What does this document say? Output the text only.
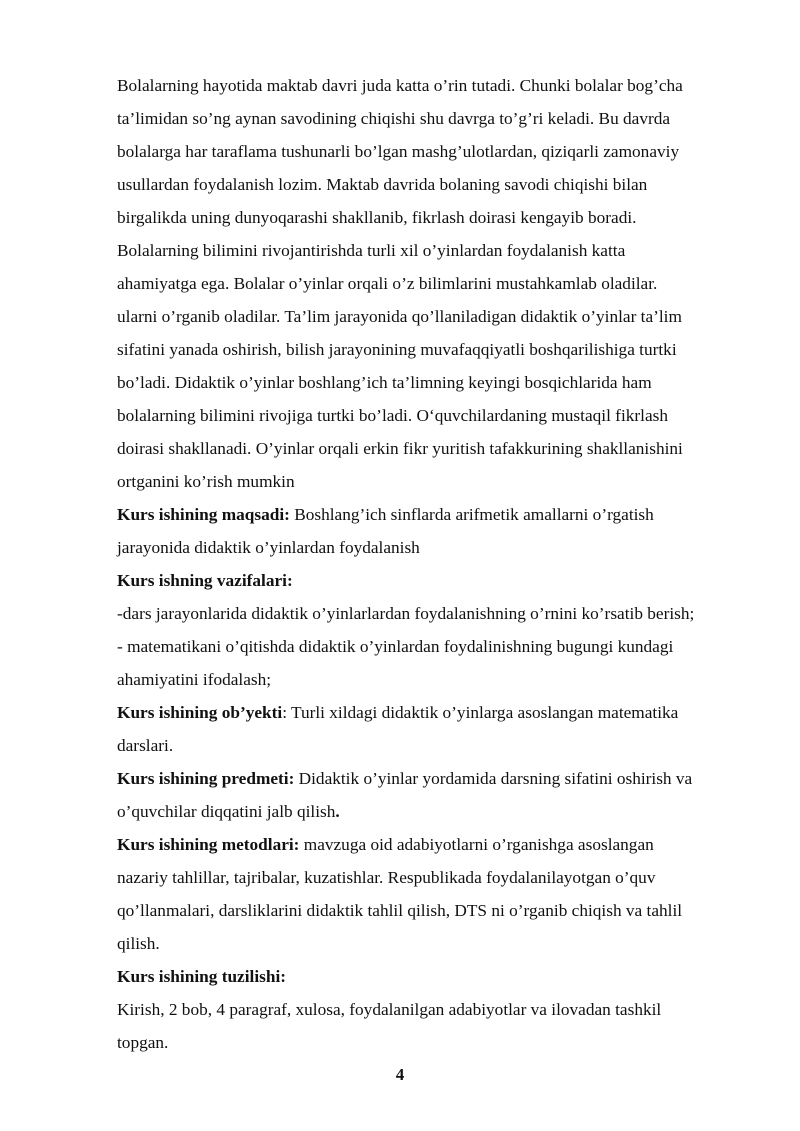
Bolalarning hayotida maktab davri juda katta o’rin tutadi. Chunki bolalar bog’cha
ta’limidan so’ng aynan savodining chiqishi shu davrga to’g’ri keladi. Bu davrda
bolalarga har taraflama tushunarli bo’lgan mashg’ulotlardan, qiziqarli zamonaviy
usullardan foydalanish lozim. Maktab davrida bolaning savodi chiqishi bilan
birgalikda uning dunyoqarashi shakllanib, fikrlash doirasi kengayib boradi.
Bolalarning bilimini rivojantirishda turli xil o’yinlardan foydalanish katta
ahamiyatga ega. Bolalar o’yinlar orqali o’z bilimlarini mustahkamlab oladilar.
ularni o’rganib oladilar. Ta’lim jarayonida qo’llaniladigan didaktik o’yinlar ta’lim
sifatini yanada oshirish, bilish jarayonining muvafaqqiyatli boshqarilishiga turtki
bo’ladi. Didaktik o’yinlar boshlang’ich ta’limning keyingi bosqichlarida ham
bolalarning bilimini rivojiga turtki bo’ladi. O‘quvchilardaning mustaqil fikrlash
doirasi shakllanadi. O’yinlar orqali erkin fikr yuritish tafakkurining shakllanishini
ortganini ko’rish mumkin
Kurs ishining maqsadi: Boshlang’ich sinflarda arifmetik amallarni o’rgatish
jarayonida didaktik o’yinlardan foydalanish
Kurs ishning vazifalari:
-dars jarayonlarida didaktik o’yinlarlardan foydalanishning o’rnini ko’rsatib berish;
- matematikani o’qitishda didaktik o’yinlardan foydalinishning bugungi kundagi
ahamiyatini ifodalash;
Kurs ishining ob’yekti: Turli xildagi didaktik o’yinlarga asoslangan matematika
darslari.
Kurs ishining predmeti: Didaktik o’yinlar yordamida darsning sifatini oshirish va
o’quvchilar diqqatini jalb qilish.
Kurs ishining metodlari: mavzuga oid adabiyotlarni o’rganishga asoslangan
nazariy tahlillar, tajribalar, kuzatishlar. Respublikada foydalanilayotgan o’quv
qo’llanmalari, darsliklarini didaktik tahlil qilish, DTS ni o’rganib chiqish va tahlil
qilish.
Kurs ishining tuzilishi:
Kirish, 2 bob, 4 paragraf, xulosa, foydalanilgan adabiyotlar va ilovadan tashkil
topgan.
4
